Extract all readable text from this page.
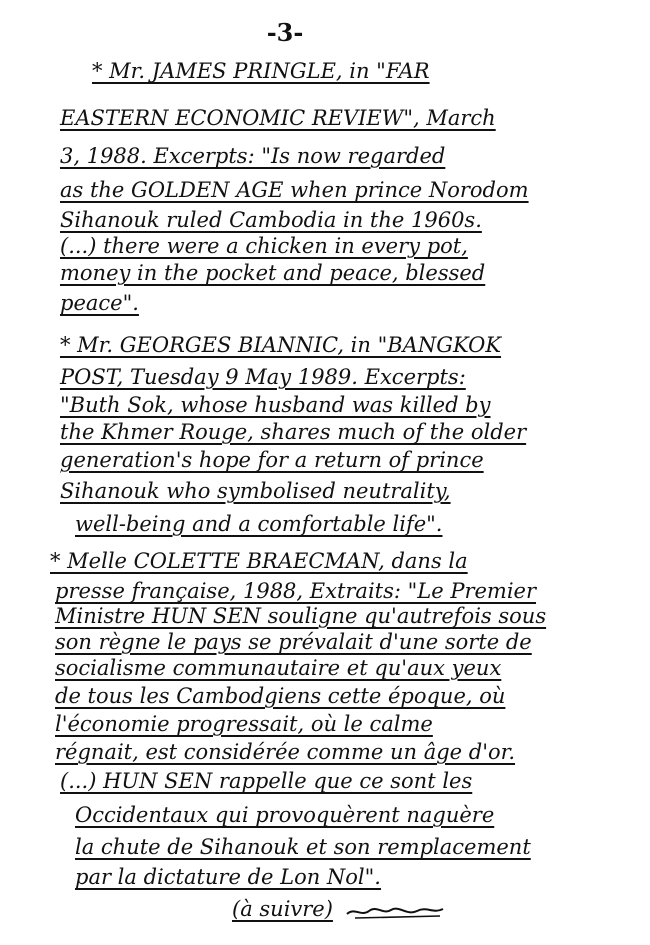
-3-
* Mr. JAMES PRINGLE, in "FAR
EASTERN ECONOMIC REVIEW", March
3, 1988. Excerpts: "Is now regarded
as the GOLDEN AGE when prince Norodom
Sihanouk ruled Cambodia in the 1960s.
(...) there were a chicken in every pot,
money in the pocket and peace, blessed
peace".
* Mr. GEORGES BIANNIC, in "BANGKOK
POST, Tuesday 9 May 1989. Excerpts:
"Buth Sok, whose husband was killed by
the Khmer Rouge, shares much of the older
generation's hope for a return of prince
Sihanouk who symbolised neutrality,
well-being and a comfortable life".
* Melle COLETTE BRAECMAN, dans la
presse française, 1988, Extraits: "Le Premier
Ministre HUN SEN souligne qu'autrefois sous
son règne le pays se prévalait d'une sorte de
socialisme communautaire et qu'aux yeux
de tous les Cambodgiens cette époque, où
l'économie progressait, où le calme
régnait, est considérée comme un âge d'or.
(...) HUN SEN rappelle que ce sont les
Occidentaux qui provoquèrent naguère
la chute de Sihanouk et son remplacement
par la dictature de Lon Nol".
(à suivre)
